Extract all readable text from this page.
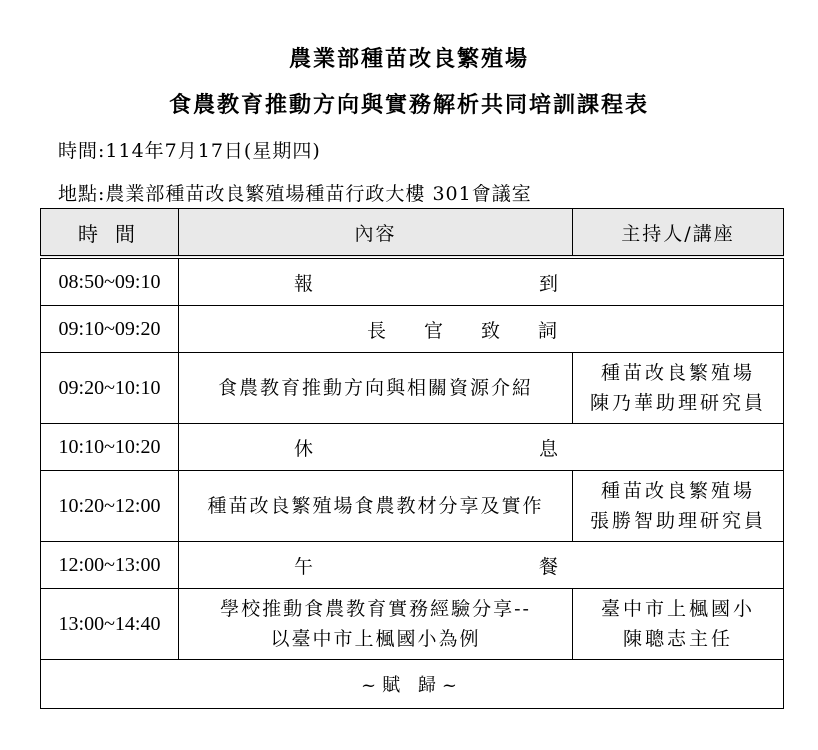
農業部種苗改良繁殖場
食農教育推動方向與實務解析共同培訓課程表
時間:114年7月17日(星期四)
地點:農業部種苗改良繁殖場種苗行政大樓 301會議室
時 間	內容	主持人/講座
08:50~09:10	報 到	
09:10~09:20	長官致詞	
09:20~10:10	食農教育推動方向與相關資源介紹	種苗改良繁殖場
陳乃華助理研究員

10:10~10:20	休 息	
10:20~12:00	種苗改良繁殖場食農教材分享及實作	種苗改良繁殖場
張勝智助理研究員

12:00~13:00	午 餐	
13:00~14:40	學校推動食農教育實務經驗分享--
以臺中市上楓國小為例	臺中市上楓國小
陳聰志主任

~賦 歸~		
